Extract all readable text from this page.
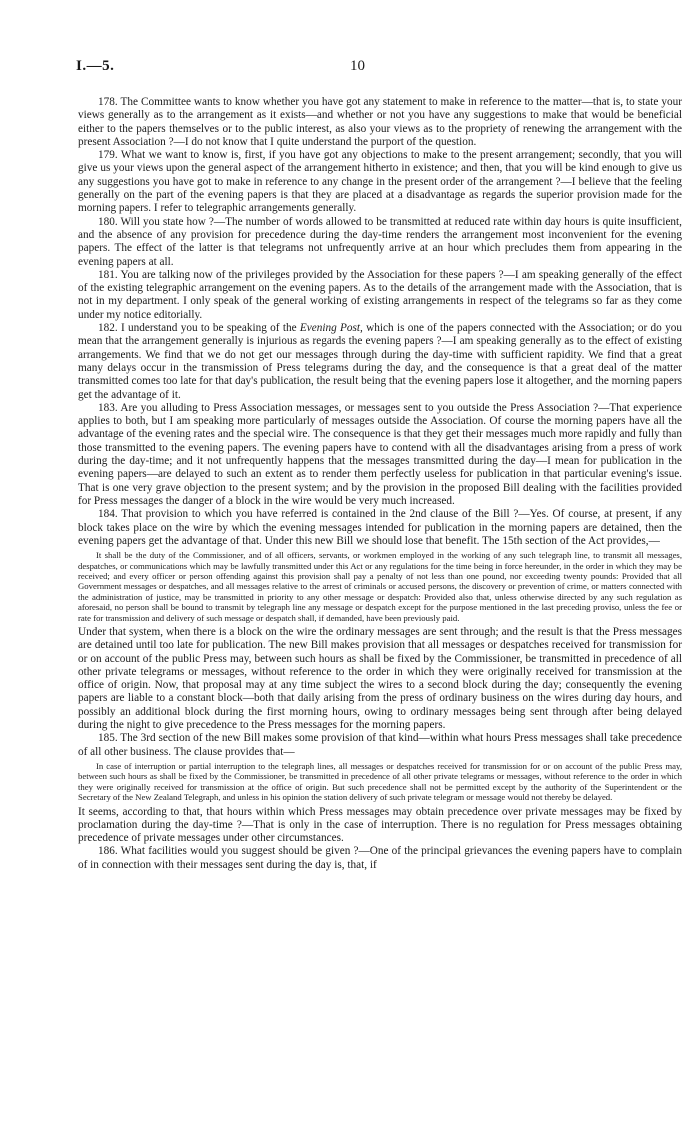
I.—5.	10

178. The Committee wants to know whether you have got any statement to make in reference to the matter—that is, to state your views generally as to the arrangement as it exists—and whether or not you have any suggestions to make that would be beneficial either to the papers themselves or to the public interest, as also your views as to the propriety of renewing the arrangement with the present Association ?—I do not know that I quite understand the purport of the question.

179. What we want to know is, first, if you have got any objections to make to the present arrangement; secondly, that you will give us your views upon the general aspect of the arrangement hitherto in existence; and then, that you will be kind enough to give us any suggestions you have got to make in reference to any change in the present order of the arrangement ?—I believe that the feeling generally on the part of the evening papers is that they are placed at a disadvantage as regards the superior provision made for the morning papers. I refer to telegraphic arrangements generally.

180. Will you state how ?—The number of words allowed to be transmitted at reduced rate within day hours is quite insufficient, and the absence of any provision for precedence during the day-time renders the arrangement most inconvenient for the evening papers. The effect of the latter is that telegrams not unfrequently arrive at an hour which precludes them from appearing in the evening papers at all.

181. You are talking now of the privileges provided by the Association for these papers ?—I am speaking generally of the effect of the existing telegraphic arrangement on the evening papers. As to the details of the arrangement made with the Association, that is not in my department. I only speak of the general working of existing arrangements in respect of the telegrams so far as they come under my notice editorially.

182. I understand you to be speaking of the Evening Post, which is one of the papers connected with the Association; or do you mean that the arrangement generally is injurious as regards the evening papers ?—I am speaking generally as to the effect of existing arrangements. We find that we do not get our messages through during the day-time with sufficient rapidity. We find that a great many delays occur in the transmission of Press telegrams during the day, and the consequence is that a great deal of the matter transmitted comes too late for that day's publication, the result being that the evening papers lose it altogether, and the morning papers get the advantage of it.

183. Are you alluding to Press Association messages, or messages sent to you outside the Press Association ?—That experience applies to both, but I am speaking more particularly of messages outside the Association. Of course the morning papers have all the advantage of the evening rates and the special wire. The consequence is that they get their messages much more rapidly and fully than those transmitted to the evening papers. The evening papers have to contend with all the disadvantages arising from a press of work during the day-time; and it not unfrequently happens that the messages transmitted during the day—I mean for publication in the evening papers—are delayed to such an extent as to render them perfectly useless for publication in that particular evening's issue. That is one very grave objection to the present system; and by the provision in the proposed Bill dealing with the facilities provided for Press messages the danger of a block in the wire would be very much increased.

184. That provision to which you have referred is contained in the 2nd clause of the Bill ?—Yes. Of course, at present, if any block takes place on the wire by which the evening messages intended for publication in the morning papers are detained, then the evening papers get the advantage of that. Under this new Bill we should lose that benefit. The 15th section of the Act provides,—

It shall be the duty of the Commissioner, and of all officers, servants, or workmen employed in the working of any such telegraph line, to transmit all messages, despatches, or communications which may be lawfully transmitted under this Act or any regulations for the time being in force hereunder, in the order in which they may be received; and every officer or person offending against this provision shall pay a penalty of not less than one pound, nor exceeding twenty pounds: Provided that all Government messages or despatches, and all messages relative to the arrest of criminals or accused persons, the discovery or prevention of crime, or matters connected with the administration of justice, may be transmitted in priority to any other message or despatch: Provided also that, unless otherwise directed by any such regulation as aforesaid, no person shall be bound to transmit by telegraph line any message or despatch except for the purpose mentioned in the last preceding proviso, unless the fee or rate for transmission and delivery of such message or despatch shall, if demanded, have been previously paid.

Under that system, when there is a block on the wire the ordinary messages are sent through; and the result is that the Press messages are detained until too late for publication. The new Bill makes provision that all messages or despatches received for transmission for or on account of the public Press may, between such hours as shall be fixed by the Commissioner, be transmitted in precedence of all other private telegrams or messages, without reference to the order in which they were originally received for transmission at the office of origin. Now, that proposal may at any time subject the wires to a second block during the day; consequently the evening papers are liable to a constant block—both that daily arising from the press of ordinary business on the wires during day hours, and possibly an additional block during the first morning hours, owing to ordinary messages being sent through after being delayed during the night to give precedence to the Press messages for the morning papers.

185. The 3rd section of the new Bill makes some provision of that kind—within what hours Press messages shall take precedence of all other business. The clause provides that—

In case of interruption or partial interruption to the telegraph lines, all messages or despatches received for transmission for or on account of the public Press may, between such hours as shall be fixed by the Commissioner, be transmitted in precedence of all other private telegrams or messages, without reference to the order in which they were originally received for transmission at the office of origin. But such precedence shall not be permitted except by the authority of the Superintendent or the Secretary of the New Zealand Telegraph, and unless in his opinion the station delivery of such private telegram or message would not thereby be delayed.

It seems, according to that, that hours within which Press messages may obtain precedence over private messages may be fixed by proclamation during the day-time ?—That is only in the case of interruption. There is no regulation for Press messages obtaining precedence of private messages under other circumstances.

186. What facilities would you suggest should be given ?—One of the principal grievances the evening papers have to complain of in connection with their messages sent during the day is, that, if
